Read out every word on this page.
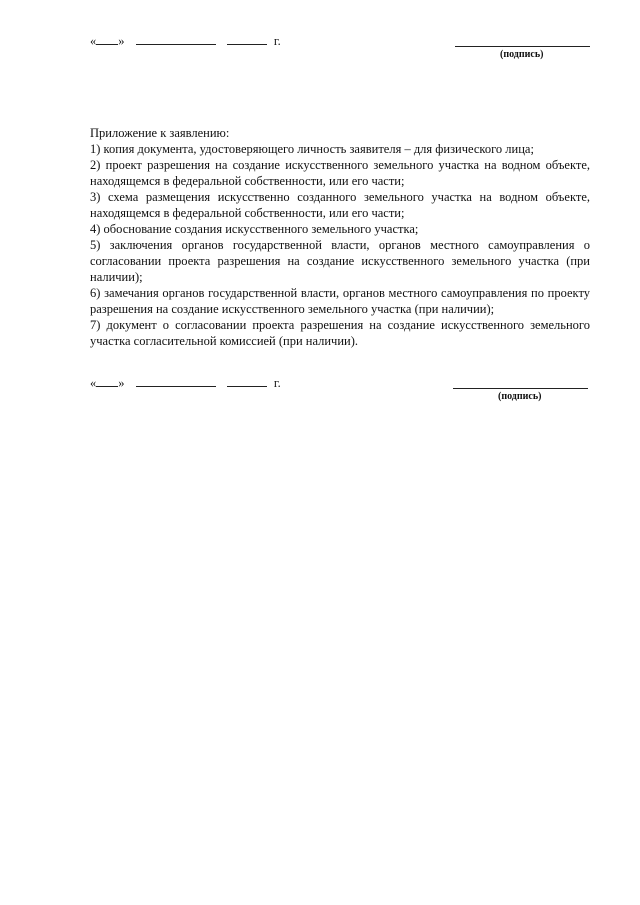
« »	г.
(подпись)

Приложение к заявлению:

1) копия документа, удостоверяющего личность заявителя – для физического лица;

2) проект разрешения на создание искусственного земельного участка на водном объекте, находящемся в федеральной собственности, или его части;

3) схема размещения искусственно созданного земельного участка на водном объекте, находящемся в федеральной собственности, или его части;

4) обоснование создания искусственного земельного участка;

5) заключения органов государственной власти, органов местного самоуправления о согласовании проекта разрешения на создание искусственного земельного участка (при наличии);

6) замечания органов государственной власти, органов местного самоуправления по проекту разрешения на создание искусственного земельного участка (при наличии);

7) документ о согласовании проекта разрешения на создание искусственного земельного участка согласительной комиссией (при наличии).

« »	г.
(подпись)
